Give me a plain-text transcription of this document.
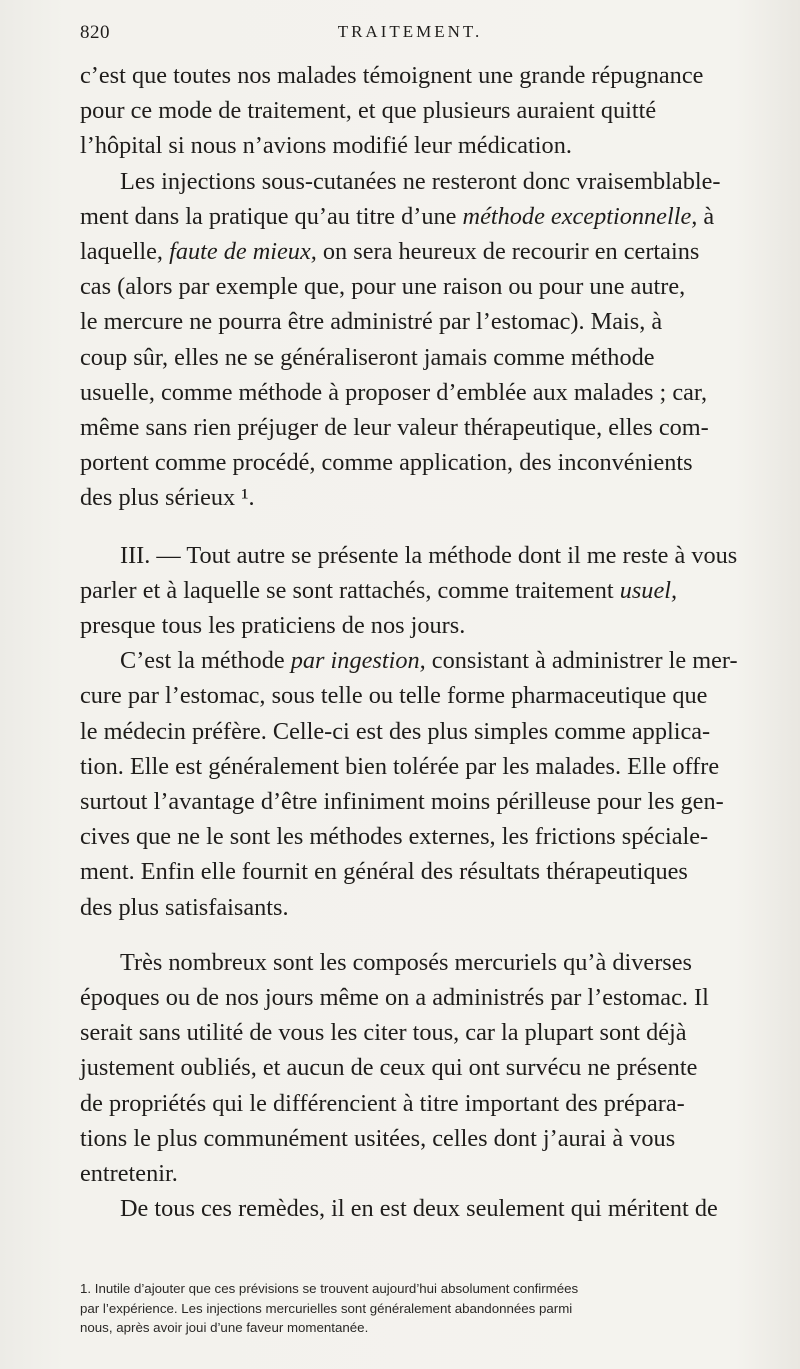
820	TRAITEMENT.
c’est que toutes nos malades témoignent une grande répugnance
pour ce mode de traitement, et que plusieurs auraient quitté
l’hôpital si nous n’avions modifié leur médication.
Les injections sous-cutanées ne resteront donc vraisemblable-
ment dans la pratique qu’au titre d’une méthode exceptionnelle, à
laquelle, faute de mieux, on sera heureux de recourir en certains
cas (alors par exemple que, pour une raison ou pour une autre,
le mercure ne pourra être administré par l’estomac). Mais, à
coup sûr, elles ne se généraliseront jamais comme méthode
usuelle, comme méthode à proposer d’emblée aux malades ; car,
même sans rien préjuger de leur valeur thérapeutique, elles com-
portent comme procédé, comme application, des inconvénients
des plus sérieux ¹.
III. — Tout autre se présente la méthode dont il me reste à vous
parler et à laquelle se sont rattachés, comme traitement usuel,
presque tous les praticiens de nos jours.
C’est la méthode par ingestion, consistant à administrer le mer-
cure par l’estomac, sous telle ou telle forme pharmaceutique que
le médecin préfère. Celle-ci est des plus simples comme applica-
tion. Elle est généralement bien tolérée par les malades. Elle offre
surtout l’avantage d’être infiniment moins périlleuse pour les gen-
cives que ne le sont les méthodes externes, les frictions spéciale-
ment. Enfin elle fournit en général des résultats thérapeutiques
des plus satisfaisants.
Très nombreux sont les composés mercuriels qu’à diverses
époques ou de nos jours même on a administrés par l’estomac. Il
serait sans utilité de vous les citer tous, car la plupart sont déjà
justement oubliés, et aucun de ceux qui ont survécu ne présente
de propriétés qui le différencient à titre important des prépara-
tions le plus communément usitées, celles dont j’aurai à vous
entretenir.
De tous ces remèdes, il en est deux seulement qui méritent de
1. Inutile d’ajouter que ces prévisions se trouvent aujourd’hui absolument confirmées
par l’expérience. Les injections mercurielles sont généralement abandonnées parmi
nous, après avoir joui d’une faveur momentanée.
